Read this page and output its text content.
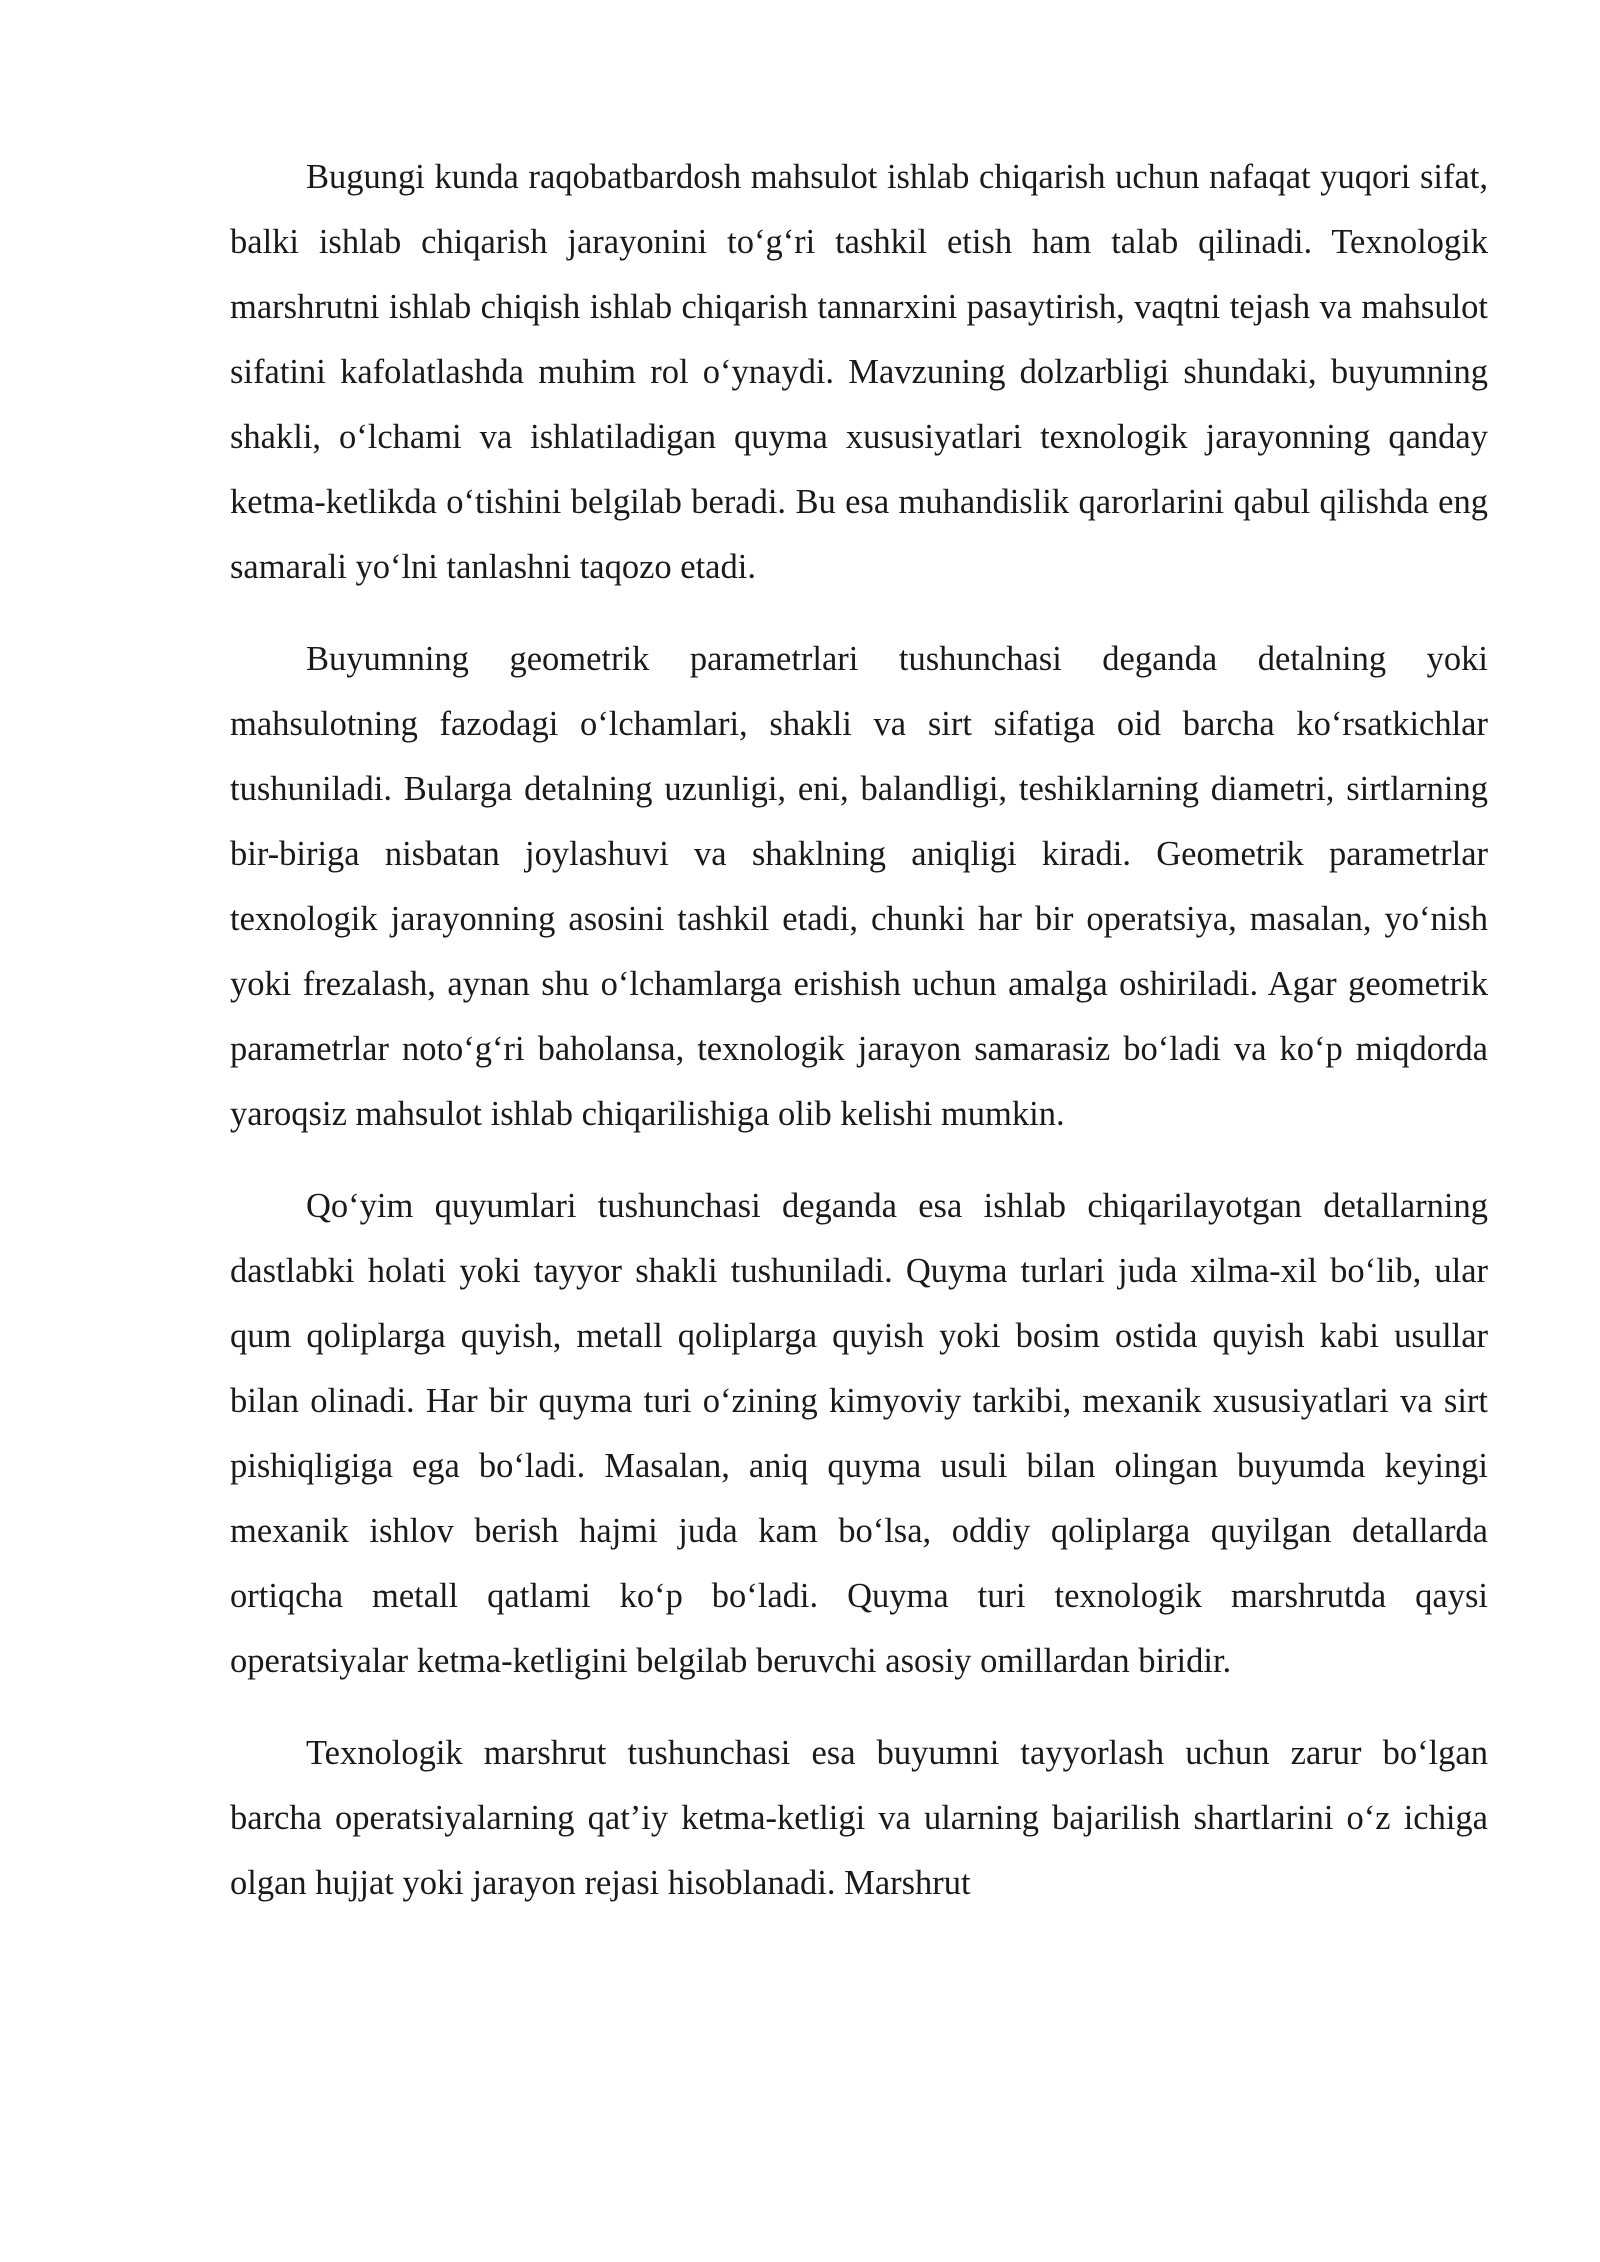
Bugungi kunda raqobatbardosh mahsulot ishlab chiqarish uchun nafaqat yuqori sifat, balki ishlab chiqarish jarayonini to‘g‘ri tashkil etish ham talab qilinadi. Texnologik marshrutni ishlab chiqish ishlab chiqarish tannarxini pasaytirish, vaqtni tejash va mahsulot sifatini kafolatlashda muhim rol o‘ynaydi. Mavzuning dolzarbligi shundaki, buyumning shakli, o‘lchami va ishlatiladigan quyma xususiyatlari texnologik jarayonning qanday ketma-ketlikda o‘tishini belgilab beradi. Bu esa muhandislik qarorlarini qabul qilishda eng samarali yo‘lni tanlashni taqozo etadi.

Buyumning geometrik parametrlari tushunchasi deganda detalning yoki mahsulotning fazodagi o‘lchamlari, shakli va sirt sifatiga oid barcha ko‘rsatkichlar tushuniladi. Bularga detalning uzunligi, eni, balandligi, teshiklarning diametri, sirtlarning bir-biriga nisbatan joylashuvi va shaklning aniqligi kiradi. Geometrik parametrlar texnologik jarayonning asosini tashkil etadi, chunki har bir operatsiya, masalan, yo‘nish yoki frezalash, aynan shu o‘lchamlarga erishish uchun amalga oshiriladi. Agar geometrik parametrlar noto‘g‘ri baholansa, texnologik jarayon samarasiz bo‘ladi va ko‘p miqdorda yaroqsiz mahsulot ishlab chiqarilishiga olib kelishi mumkin.

Qo‘yim quyumlari tushunchasi deganda esa ishlab chiqarilayotgan detallarning dastlabki holati yoki tayyor shakli tushuniladi. Quyma turlari juda xilma-xil bo‘lib, ular qum qoliplarga quyish, metall qoliplarga quyish yoki bosim ostida quyish kabi usullar bilan olinadi. Har bir quyma turi o‘zining kimyoviy tarkibi, mexanik xususiyatlari va sirt pishiqligiga ega bo‘ladi. Masalan, aniq quyma usuli bilan olingan buyumda keyingi mexanik ishlov berish hajmi juda kam bo‘lsa, oddiy qoliplarga quyilgan detallarda ortiqcha metall qatlami ko‘p bo‘ladi. Quyma turi texnologik marshrutda qaysi operatsiyalar ketma-ketligini belgilab beruvchi asosiy omillardan biridir.

Texnologik marshrut tushunchasi esa buyumni tayyorlash uchun zarur bo‘lgan barcha operatsiyalarning qat’iy ketma-ketligi va ularning bajarilish shartlarini o‘z ichiga olgan hujjat yoki jarayon rejasi hisoblanadi. Marshrut
